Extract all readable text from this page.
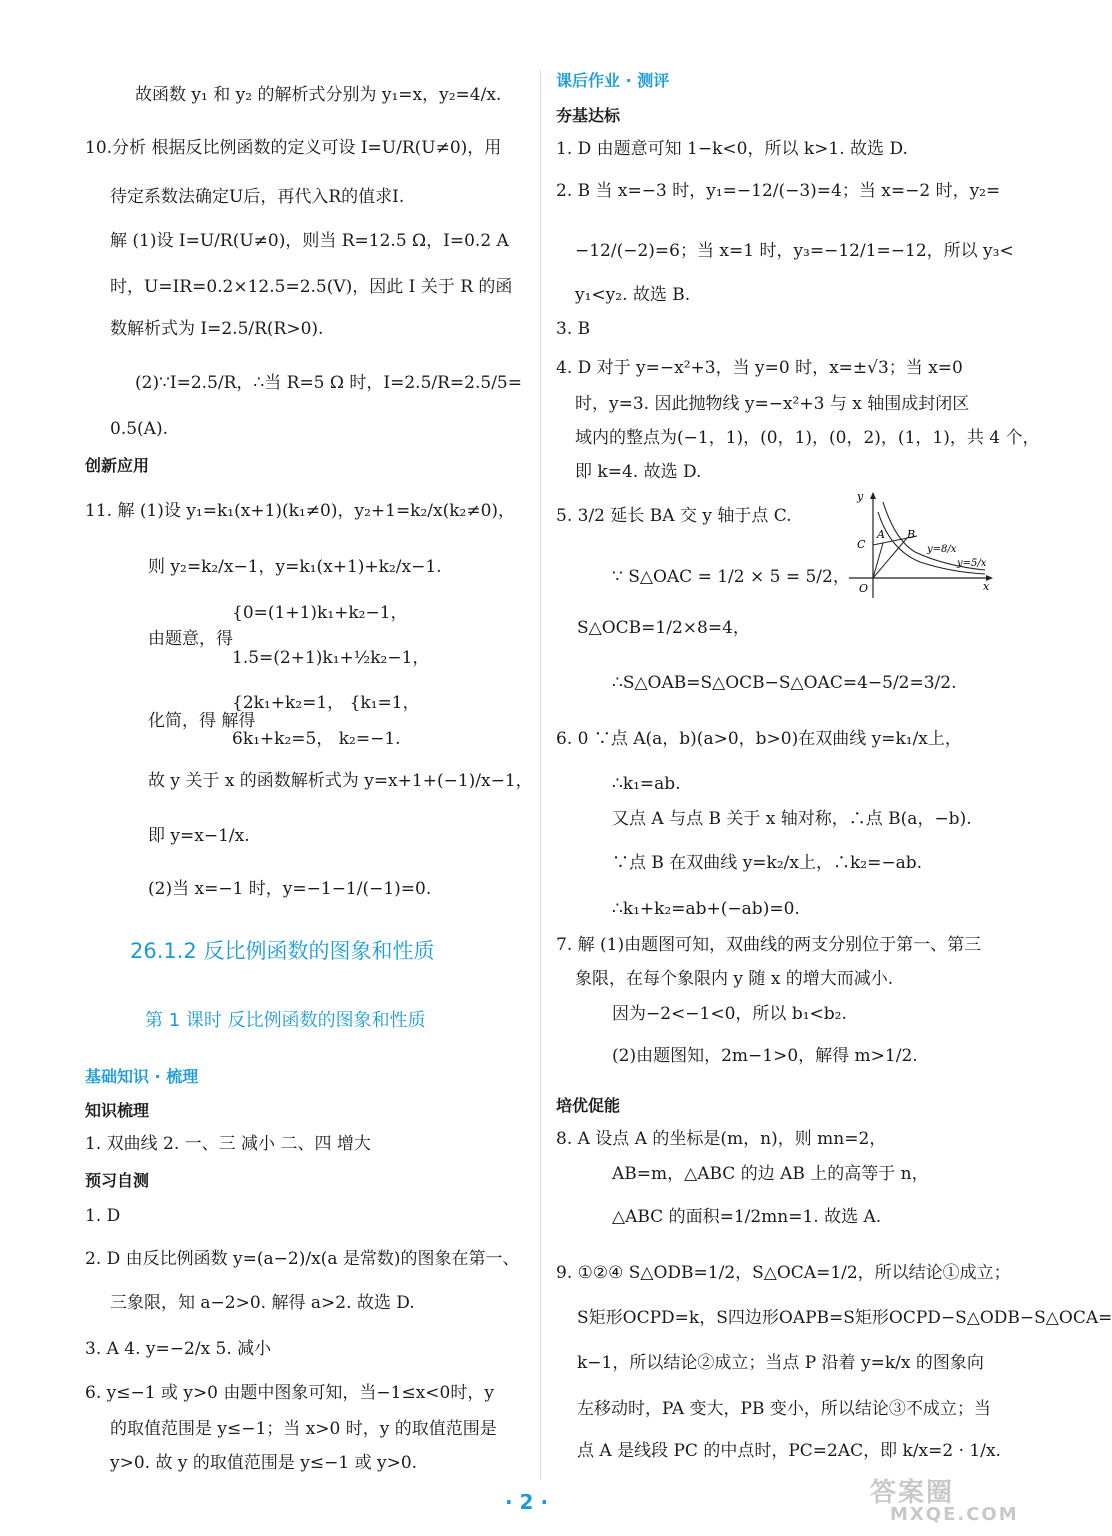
故函数 y₁ 和 y₂ 的解析式分别为 y₁=x，y₂=4/x.
10.分析 根据反比例函数的定义可设 I=U/R(U≠0)，用
待定系数法确定U后，再代入R的值求I.
解 (1)设 I=U/R(U≠0)，则当 R=12.5 Ω，I=0.2 A
时，U=IR=0.2×12.5=2.5(V)，因此 I 关于 R 的函
数解析式为 I=2.5/R(R>0).
(2)∵I=2.5/R，∴当 R=5 Ω 时，I=2.5/R=2.5/5=
0.5(A).
创新应用
11. 解 (1)设 y₁=k₁(x+1)(k₁≠0)，y₂+1=k₂/x(k₂≠0)，
则 y₂=k₂/x−1，y=k₁(x+1)+k₂/x−1.
{0=(1+1)k₁+k₂−1，
由题意，得
1.5=(2+1)k₁+½k₂−1，
{2k₁+k₂=1， {k₁=1，
化简，得 解得
6k₁+k₂=5， k₂=−1.
故 y 关于 x 的函数解析式为 y=x+1+(−1)/x−1，
即 y=x−1/x.
(2)当 x=−1 时，y=−1−1/(−1)=0.
26.1.2 反比例函数的图象和性质
第 1 课时 反比例函数的图象和性质
基础知识 · 梳理
知识梳理
1. 双曲线 2. 一、三 减小 二、四 增大
预习自测
1. D
2. D 由反比例函数 y=(a−2)/x(a 是常数)的图象在第一、
三象限，知 a−2>0. 解得 a>2. 故选 D.
3. A 4. y=−2/x 5. 减小
6. y≤−1 或 y>0 由题中图象可知，当−1≤x<0时，y
的取值范围是 y≤−1；当 x>0 时，y 的取值范围是
y>0. 故 y 的取值范围是 y≤−1 或 y>0.
课后作业 · 测评
夯基达标
1. D 由题意可知 1−k<0，所以 k>1. 故选 D.
2. B 当 x=−3 时，y₁=−12/(−3)=4；当 x=−2 时，y₂=
−12/(−2)=6；当 x=1 时，y₃=−12/1=−12，所以 y₃<
y₁<y₂. 故选 B.
3. B
4. D 对于 y=−x²+3，当 y=0 时，x=±√3；当 x=0
时，y=3. 因此抛物线 y=−x²+3 与 x 轴围成封闭区
域内的整点为(−1，1)，(0，1)，(0，2)，(1，1)，共 4 个，
即 k=4. 故选 D.
5. 3/2 延长 BA 交 y 轴于点 C.
∵ S△OAC = 1/2 × 5 = 5/2，
S△OCB=1/2×8=4，
∴S△OAB=S△OCB−S△OAC=4−5/2=3/2.
6. 0 ∵点 A(a，b)(a>0，b>0)在双曲线 y=k₁/x上，
∴k₁=ab.
又点 A 与点 B 关于 x 轴对称，∴点 B(a，−b).
∵点 B 在双曲线 y=k₂/x上，∴k₂=−ab.
∴k₁+k₂=ab+(−ab)=0.
7. 解 (1)由题图可知，双曲线的两支分别位于第一、第三
象限，在每个象限内 y 随 x 的增大而减小.
因为−2<−1<0，所以 b₁<b₂.
(2)由题图知，2m−1>0，解得 m>1/2.
培优促能
8. A 设点 A 的坐标是(m，n)，则 mn=2，
AB=m，△ABC 的边 AB 上的高等于 n，
△ABC 的面积=1/2mn=1. 故选 A.
9. ①②④ S△ODB=1/2，S△OCA=1/2，所以结论①成立；
S矩形OCPD=k，S四边形OAPB=S矩形OCPD−S△ODB−S△OCA=
k−1，所以结论②成立；当点 P 沿着 y=k/x 的图象向
左移动时，PA 变大，PB 变小，所以结论③不成立；当
点 A 是线段 PC 的中点时，PC=2AC，即 k/x=2 · 1/x.
y
x
O
C
A B
y=8/x
y=5/x
· 2 ·	答案圈
MXQE.COM
